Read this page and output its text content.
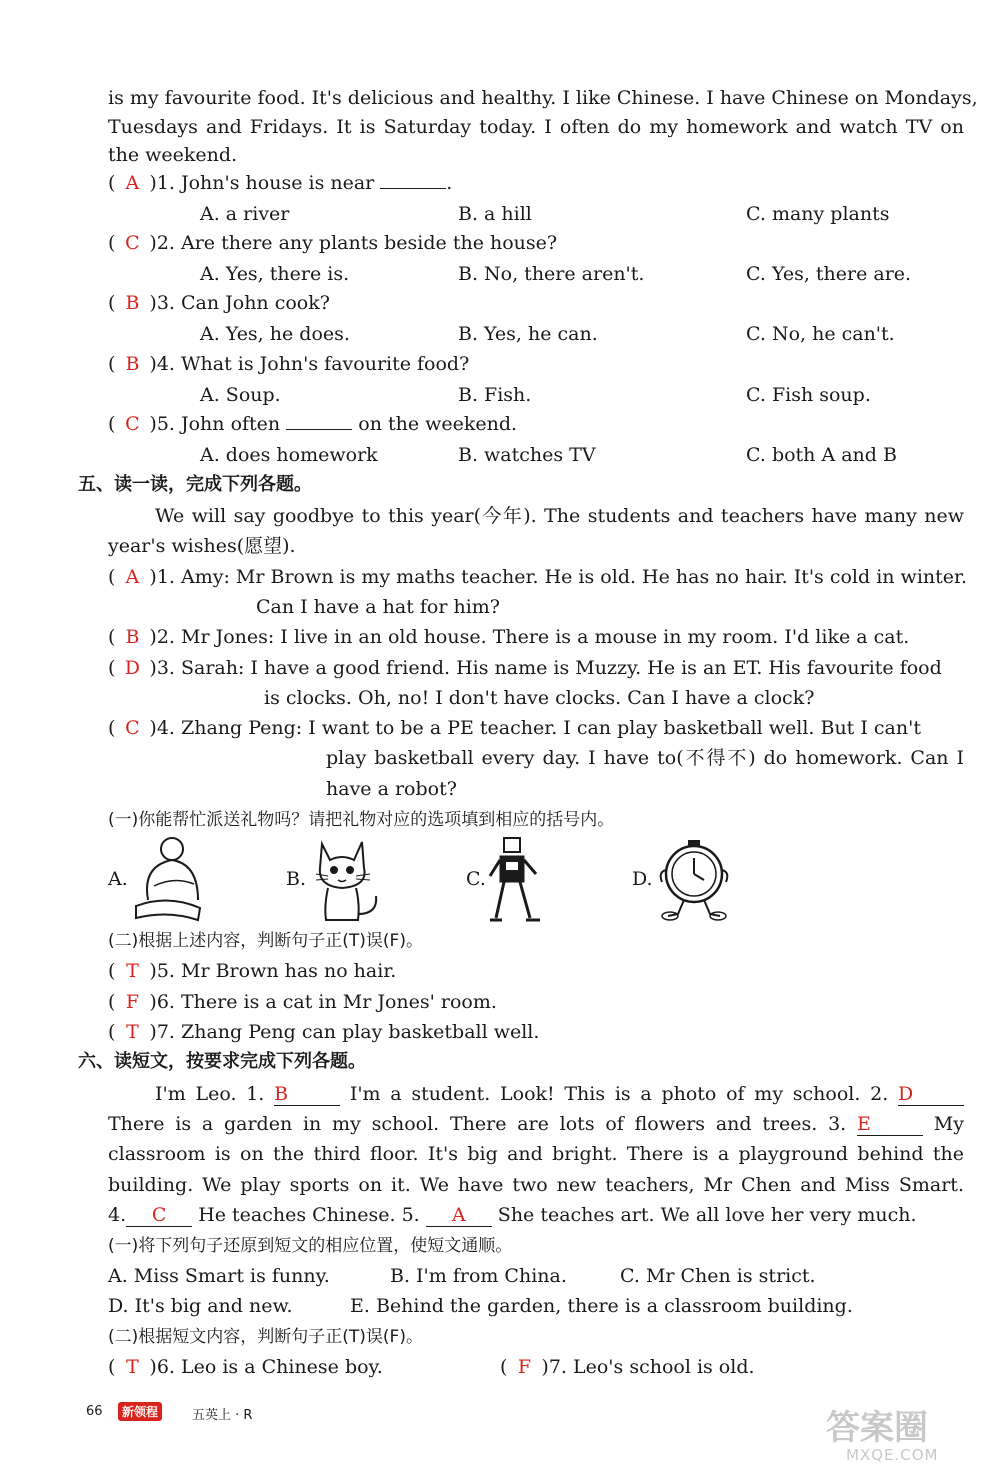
is my favourite food. It's delicious and healthy. I like Chinese. I have Chinese on Mondays,
Tuesdays and Fridays. It is Saturday today. I often do my homework and watch TV on
the weekend.
( A )1. John's house is near	.
A. a river	B. a hill	C. many plants
( C )2. Are there any plants beside the house?
A. Yes, there is.	B. No, there aren't.	C. Yes, there are.
( B )3. Can John cook?
A. Yes, he does.	B. Yes, he can.	C. No, he can't.
( B )4. What is John's favourite food?
A. Soup.	B. Fish.	C. Fish soup.
( C )5. John often	on the weekend.
A. does homework	B. watches TV	C. both A and B
五、读一读，完成下列各题。
We will say goodbye to this year(今年). The students and teachers have many new
year's wishes(愿望).
( A )1. Amy: Mr Brown is my maths teacher. He is old. He has no hair. It's cold in winter.
Can I have a hat for him?
( B )2. Mr Jones: I live in an old house. There is a mouse in my room. I'd like a cat.
( D )3. Sarah: I have a good friend. His name is Muzzy. He is an ET. His favourite food
is clocks. Oh, no! I don't have clocks. Can I have a clock?
( C )4. Zhang Peng: I want to be a PE teacher. I can play basketball well. But I can't
play basketball every day. I have to(不得不) do homework. Can I
have a robot?
(一)你能帮忙派送礼物吗？请把礼物对应的选项填到相应的括号内。
A.	B.	C.	D.
(二)根据上述内容，判断句子正(T)误(F)。
( T )5. Mr Brown has no hair.
( F )6. There is a cat in Mr Jones' room.
( T )7. Zhang Peng can play basketball well.
六、读短文，按要求完成下列各题。
I'm Leo. 1. B	I'm a student. Look! This is a photo of my school. 2. D
There is a garden in my school. There are lots of flowers and trees. 3. E	My
classroom is on the third floor. It's big and bright. There is a playground behind the
building. We play sports on it. We have two new teachers, Mr Chen and Miss Smart.
4. C He teaches Chinese. 5. A She teaches art. We all love her very much.
(一)将下列句子还原到短文的相应位置，使短文通顺。
A. Miss Smart is funny.	B. I'm from China.	C. Mr Chen is strict.
D. It's big and new.	E. Behind the garden, there is a classroom building.
(二)根据短文内容，判断句子正(T)误(F)。
( T )6. Leo is a Chinese boy.	( F )7. Leo's school is old.
66	新领程	五英上 · R	答案圈
MXQE.COM
